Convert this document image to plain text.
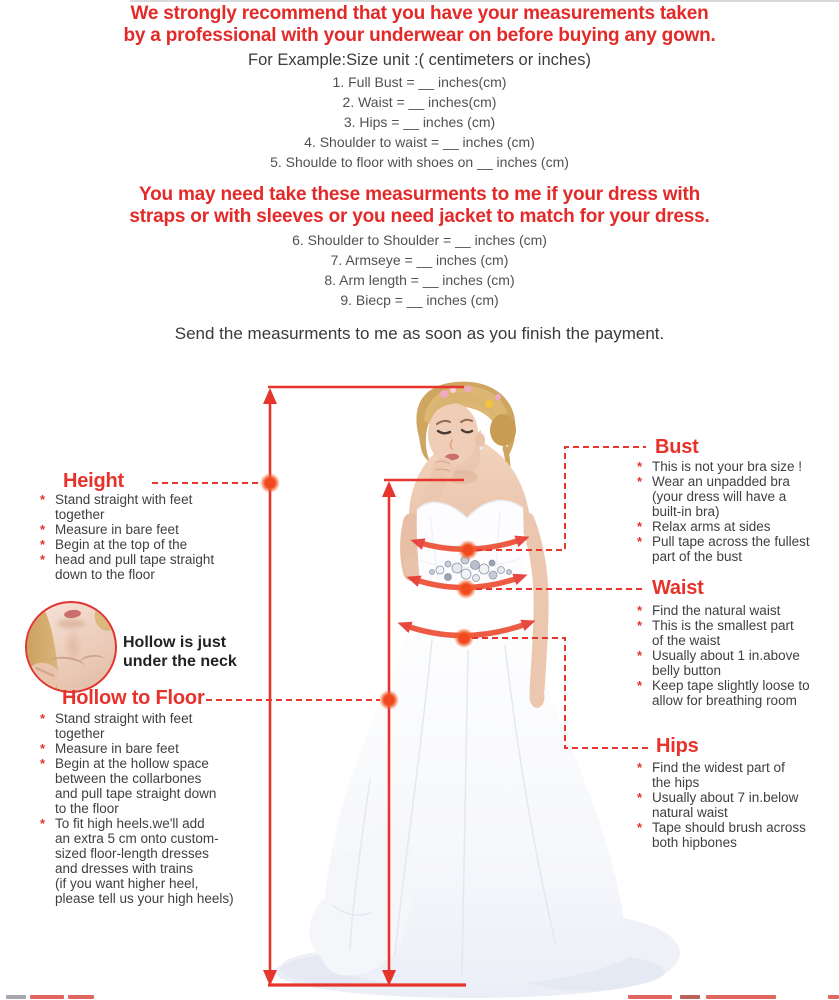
We strongly recommend that you have your measurements taken
by a professional with your underwear on before buying any gown.
For Example:Size unit :( centimeters or inches)
1. Full Bust = __ inches(cm)
2. Waist = __ inches(cm)
3. Hips = __ inches (cm)
4. Shoulder to waist = __ inches (cm)
5. Shoulde to floor with shoes on __ inches (cm)
You may need take these measurments to me if your dress with
straps or with sleeves or you need jacket to match for your dress.
6. Shoulder to Shoulder = __ inches (cm)
7. Armseye = __ inches (cm)
8. Arm length = __ inches (cm)
9. Biecp = __ inches (cm)
Send the measurments to me as soon as you finish the payment.
Height
* Stand straight with feet
together
* Measure in bare feet
* Begin at the top of the
* head and pull tape straight
down to the floor
Hollow is just
under the neck
Hollow to Floor
* Stand straight with feet
together
* Measure in bare feet
* Begin at the hollow space
between the collarbones
and pull tape straight down
to the floor
* To fit high heels.we'll add
an extra 5 cm onto custom-
sized floor-length dresses
and dresses with trains
(if you want higher heel,
please tell us your high heels)
Bust
* This is not your bra size !
* Wear an unpadded bra
(your dress will have a
built-in bra)
* Relax arms at sides
* Pull tape across the fullest
part of the bust
Waist
* Find the natural waist
* This is the smallest part
of the waist
* Usually about 1 in.above
belly button
* Keep tape slightly loose to
allow for breathing room
Hips
* Find the widest part of
the hips
* Usually about 7 in.below
natural waist
* Tape should brush across
both hipbones
